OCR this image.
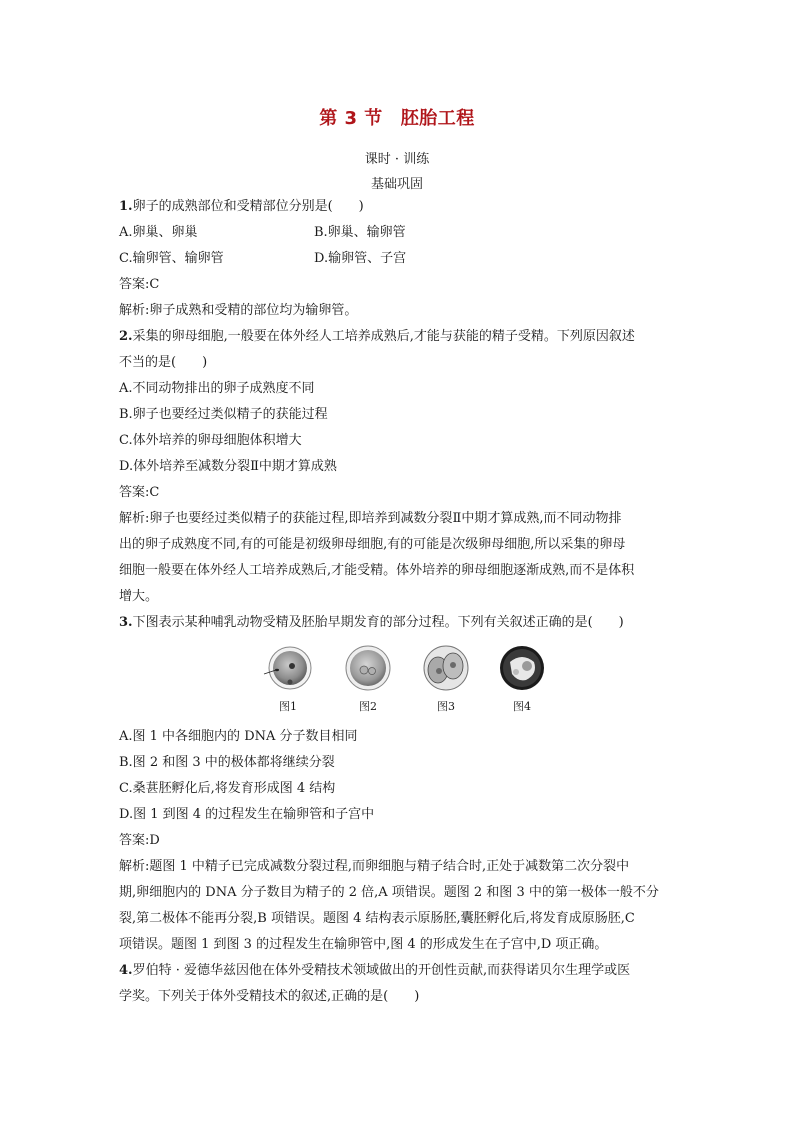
第 3 节 胚胎工程
课时 · 训练
基础巩固
1.卵子的成熟部位和受精部位分别是(　　)
A.卵巢、卵巢	B.卵巢、输卵管
C.输卵管、输卵管	D.输卵管、子宫
答案:C
解析:卵子成熟和受精的部位均为输卵管。
2.采集的卵母细胞,一般要在体外经人工培养成熟后,才能与获能的精子受精。下列原因叙述
不当的是(　　)
A.不同动物排出的卵子成熟度不同
B.卵子也要经过类似精子的获能过程
C.体外培养的卵母细胞体积增大
D.体外培养至减数分裂Ⅱ中期才算成熟
答案:C
解析:卵子也要经过类似精子的获能过程,即培养到减数分裂Ⅱ中期才算成熟,而不同动物排
出的卵子成熟度不同,有的可能是初级卵母细胞,有的可能是次级卵母细胞,所以采集的卵母
细胞一般要在体外经人工培养成熟后,才能受精。体外培养的卵母细胞逐渐成熟,而不是体积
增大。
3.下图表示某种哺乳动物受精及胚胎早期发育的部分过程。下列有关叙述正确的是(　　)
图1	图2	图3	图4
A.图 1 中各细胞内的 DNA 分子数目相同
B.图 2 和图 3 中的极体都将继续分裂
C.桑葚胚孵化后,将发育形成图 4 结构
D.图 1 到图 4 的过程发生在输卵管和子宫中
答案:D
解析:题图 1 中精子已完成减数分裂过程,而卵细胞与精子结合时,正处于减数第二次分裂中
期,卵细胞内的 DNA 分子数目为精子的 2 倍,A 项错误。题图 2 和图 3 中的第一极体一般不分
裂,第二极体不能再分裂,B 项错误。题图 4 结构表示原肠胚,囊胚孵化后,将发育成原肠胚,C
项错误。题图 1 到图 3 的过程发生在输卵管中,图 4 的形成发生在子宫中,D 项正确。
4.罗伯特 · 爱德华兹因他在体外受精技术领域做出的开创性贡献,而获得诺贝尔生理学或医
学奖。下列关于体外受精技术的叙述,正确的是(　　)
